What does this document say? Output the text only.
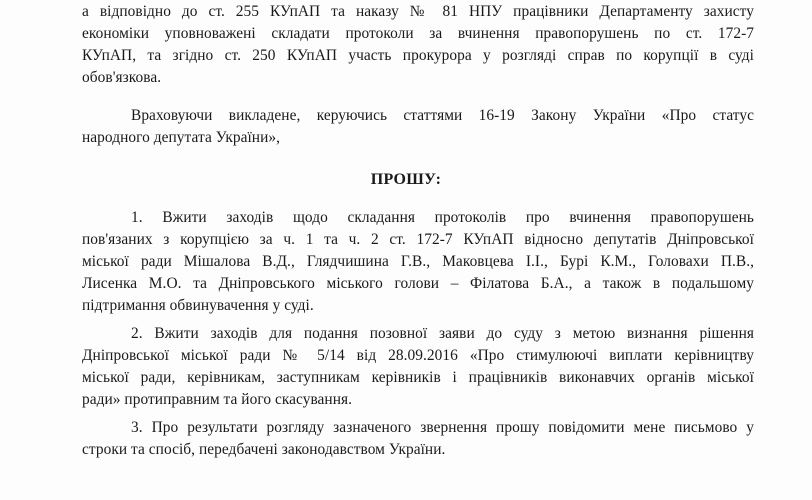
а відповідно до ст. 255 КУпАП та наказу № 81 НПУ працівники Департаменту захисту
економіки уповноважені складати протоколи за вчинення правопорушень по ст. 172-7
КУпАП, та згідно ст. 250 КУпАП участь прокурора у розгляді справ по корупції в суді
обов'язкова.
Враховуючи викладене, керуючись статтями 16-19 Закону України «Про статус
народного депутата України»,
ПРОШУ:
1. Вжити заходів щодо складання протоколів про вчинення правопорушень
пов'язаних з корупцією за ч. 1 та ч. 2 ст. 172-7 КУпАП відносно депутатів Дніпровської
міської ради Мішалова В.Д., Глядчишина Г.В., Маковцева І.І., Бурі К.М., Головахи П.В.,
Лисенка М.О. та Дніпровського міського голови – Філатова Б.А., а також в подальшому
підтримання обвинувачення у суді.
2. Вжити заходів для подання позовної заяви до суду з метою визнання рішення
Дніпровської міської ради № 5/14 від 28.09.2016 «Про стимулюючі виплати керівництву
міської ради, керівникам, заступникам керівників і працівників виконавчих органів міської
ради» протиправним та його скасування.
3. Про результати розгляду зазначеного звернення прошу повідомити мене письмово у
строки та спосіб, передбачені законодавством України.
